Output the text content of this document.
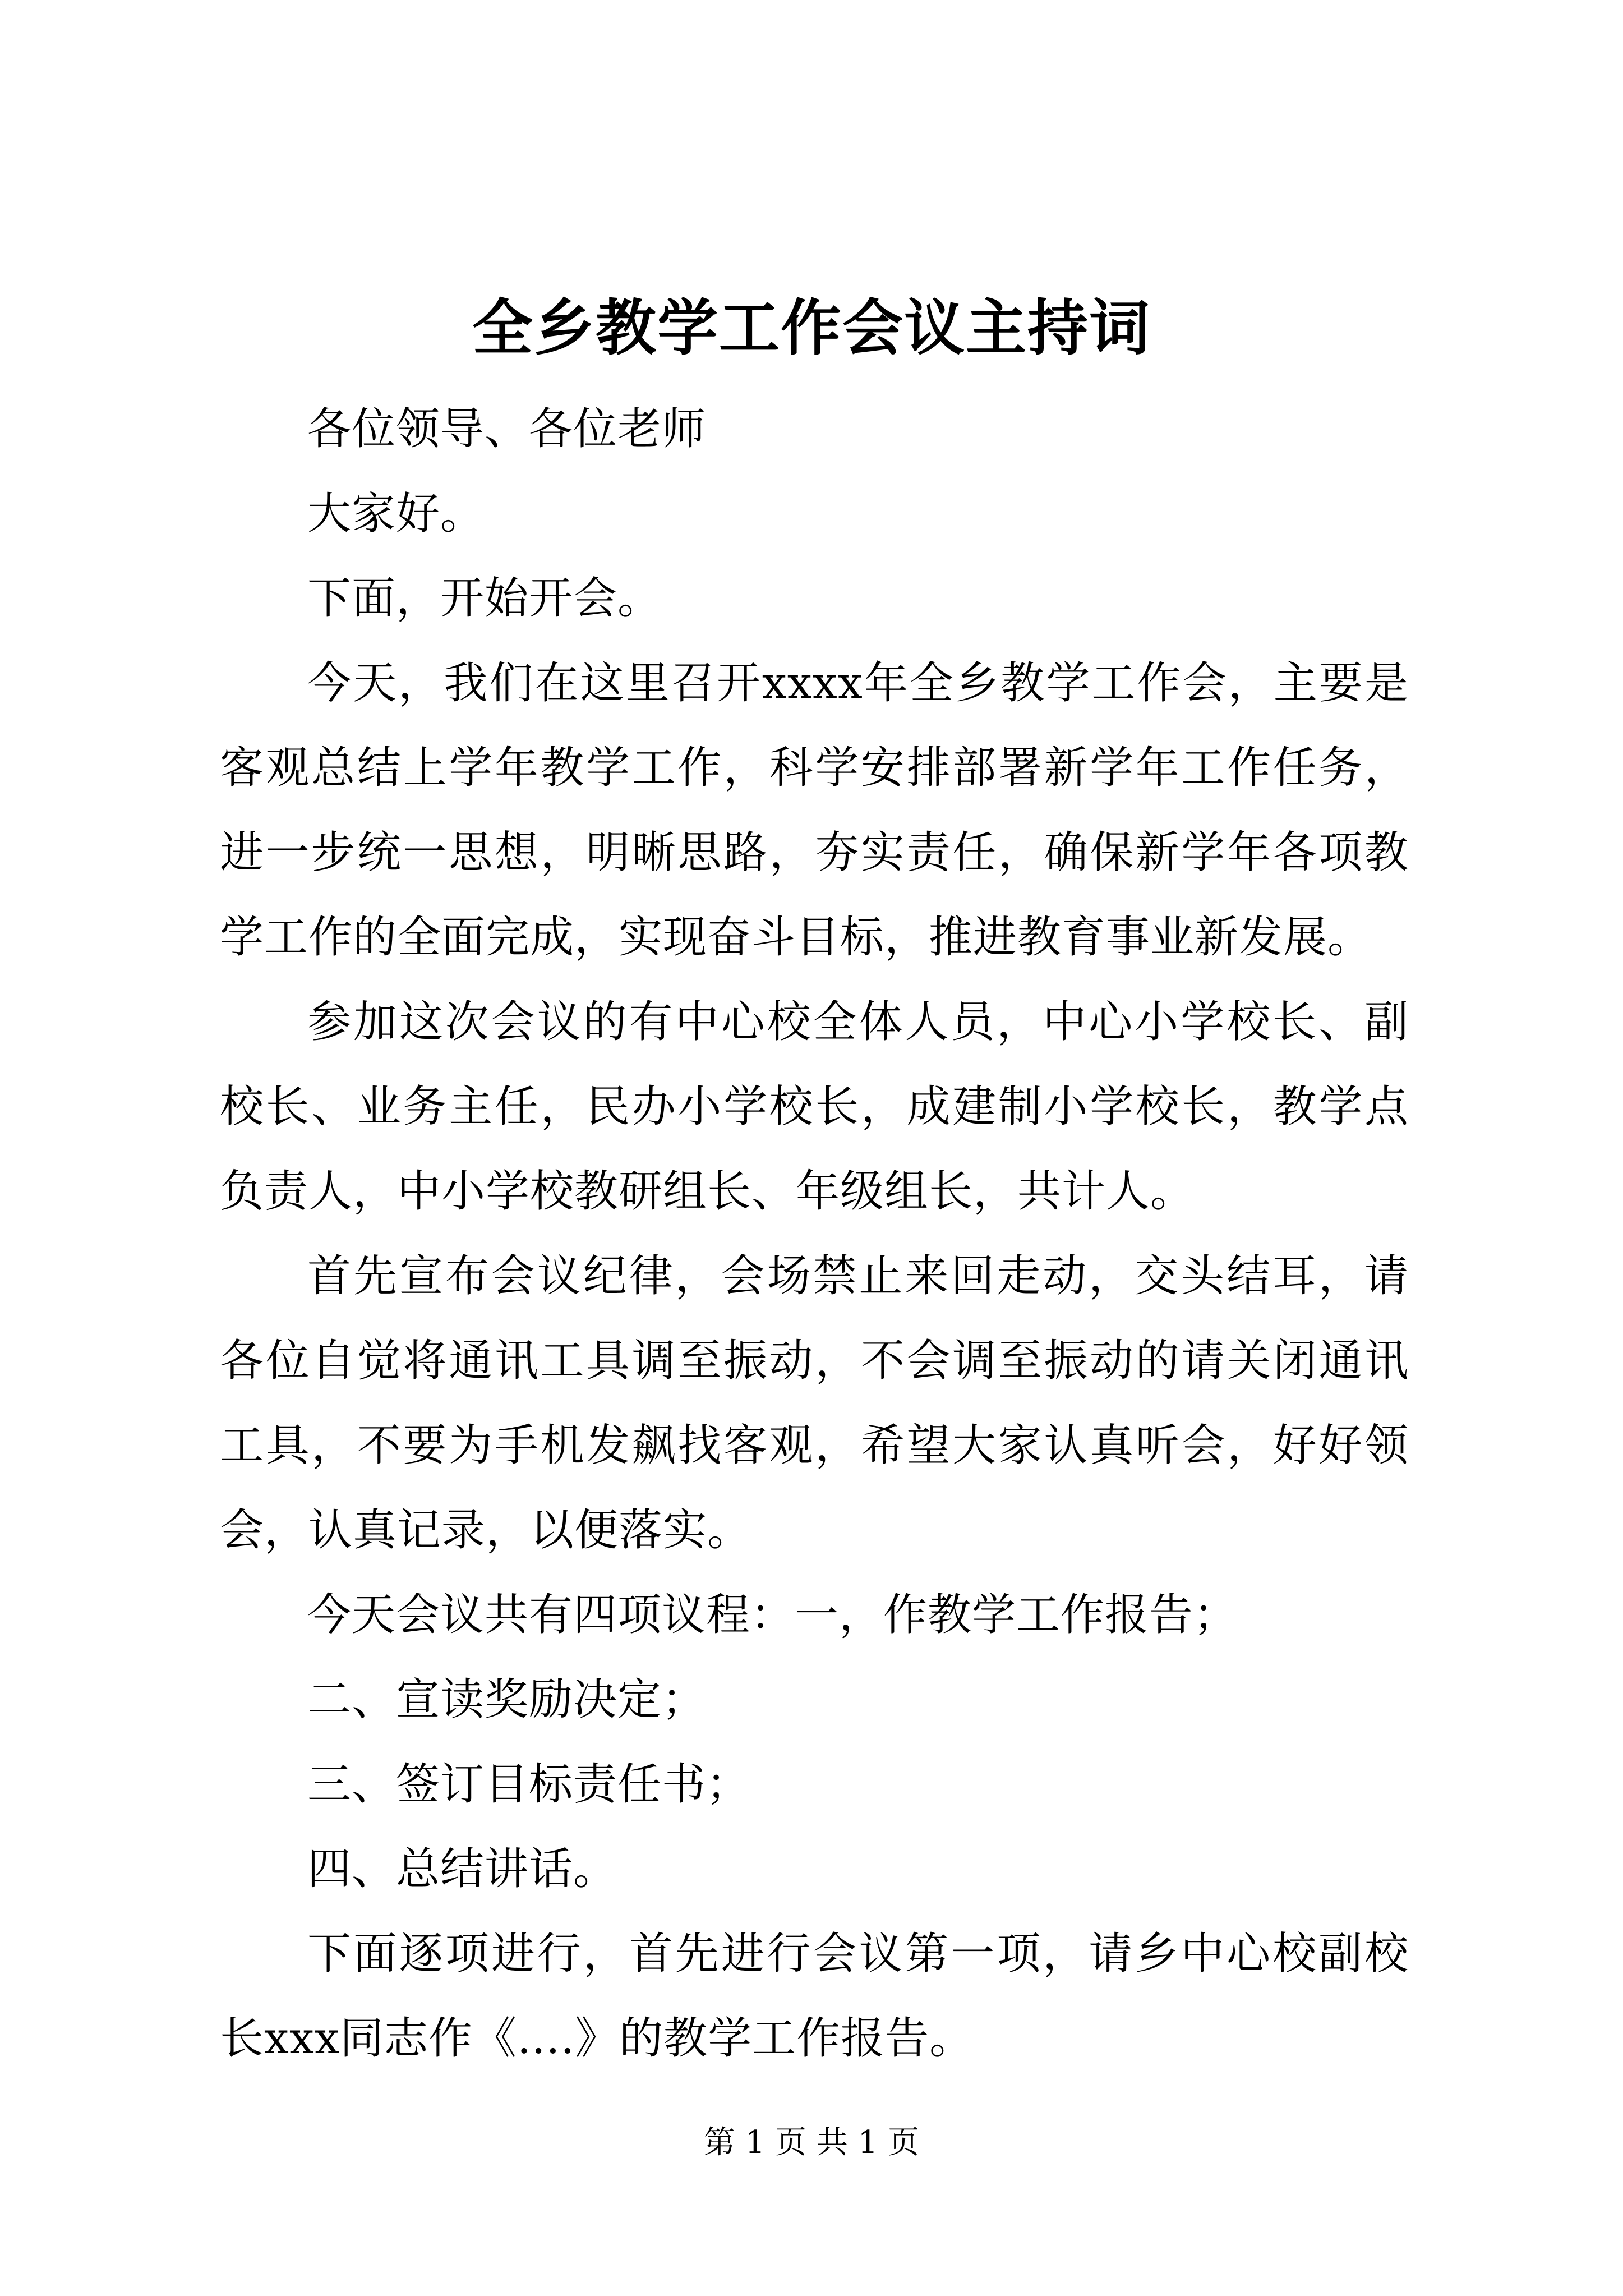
全乡教学工作会议主持词

各位领导、各位老师

大家好。

下面，开始开会。

今天，我们在这里召开xxxx年全乡教学工作会，主要是客观总结上学年教学工作，科学安排部署新学年工作任务，进一步统一思想，明晰思路，夯实责任，确保新学年各项教学工作的全面完成，实现奋斗目标，推进教育事业新发展。

参加这次会议的有中心校全体人员，中心小学校长、副校长、业务主任，民办小学校长，成建制小学校长，教学点负责人，中小学校教研组长、年级组长，共计人。

首先宣布会议纪律，会场禁止来回走动，交头结耳，请各位自觉将通讯工具调至振动，不会调至振动的请关闭通讯工具，不要为手机发飙找客观，希望大家认真听会，好好领会，认真记录，以便落实。

今天会议共有四项议程：一，作教学工作报告；

二、宣读奖励决定；

三、签订目标责任书；

四、总结讲话。

下面逐项进行，首先进行会议第一项，请乡中心校副校长xxx同志作《....》的教学工作报告。

第 1 页 共 1 页
